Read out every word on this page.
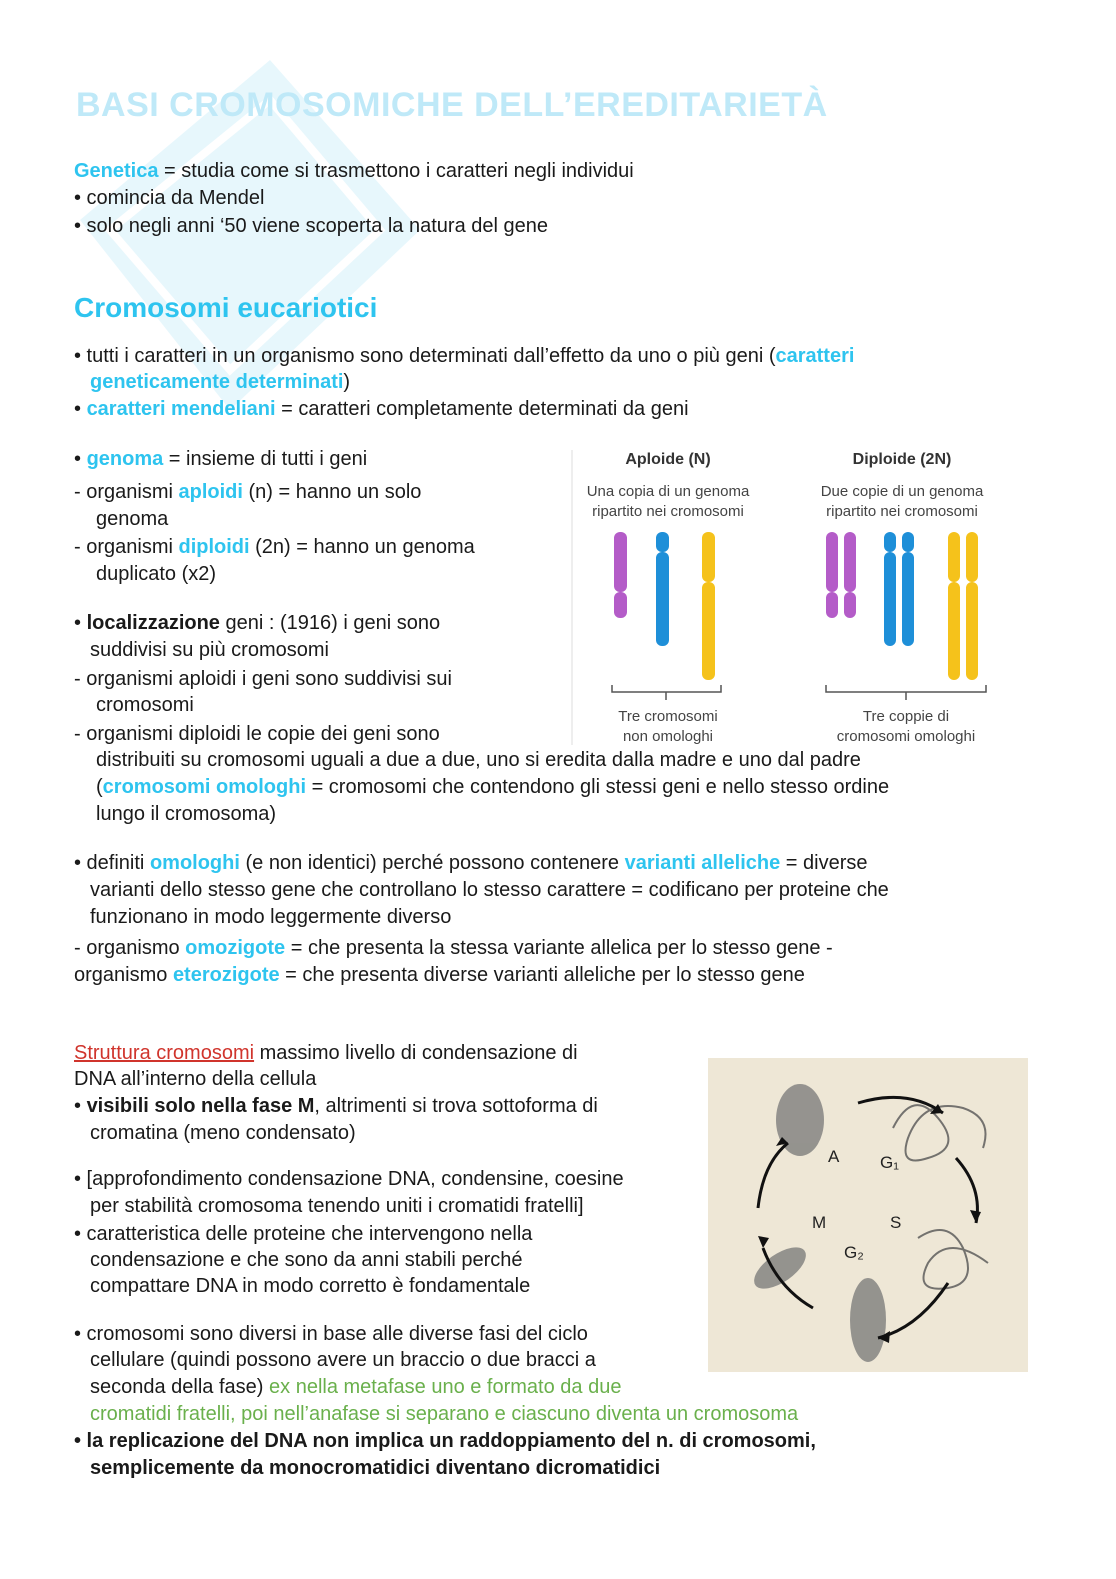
BASI CROMOSOMICHE DELL’EREDITARIETÀ
Genetica = studia come si trasmettono i caratteri negli individui
• comincia da Mendel
• solo negli anni ‘50 viene scoperta la natura del gene
Cromosomi eucariotici
• tutti i caratteri in un organismo sono determinati dall’effetto da uno o più geni (caratteri
geneticamente determinati)
• caratteri mendeliani = caratteri completamente determinati da geni
• genoma = insieme di tutti i geni
- organismi aploidi (n) = hanno un solo
genoma
- organismi diploidi (2n) = hanno un genoma
duplicato (x2)
• localizzazione geni : (1916) i geni sono
suddivisi su più cromosomi
- organismi aploidi i geni sono suddivisi sui
cromosomi
- organismi diploidi le copie dei geni sono
distribuiti su cromosomi uguali a due a due, uno si eredita dalla madre e uno dal padre
(cromosomi omologhi = cromosomi che contendono gli stessi geni e nello stesso ordine
lungo il cromosoma)
• definiti omologhi (e non identici) perché possono contenere varianti alleliche = diverse
varianti dello stesso gene che controllano lo stesso carattere = codificano per proteine che
funzionano in modo leggermente diverso
- organismo omozigote = che presenta la stessa variante allelica per lo stesso gene -
organismo eterozigote = che presenta diverse varianti alleliche per lo stesso gene
Aploide (N)
Una copia di un genoma
ripartito nei cromosomi
Diploide (2N)
Due copie di un genoma
ripartito nei cromosomi
Tre cromosomi
non omologhi
Tre coppie di
cromosomi omologhi
Struttura cromosomi massimo livello di condensazione di
DNA all’interno della cellula
• visibili solo nella fase M, altrimenti si trova sottoforma di
cromatina (meno condensato)
• [approfondimento condensazione DNA, condensine, coesine
per stabilità cromosoma tenendo uniti i cromatidi fratelli]
• caratteristica delle proteine che intervengono nella
condensazione e che sono da anni stabili perché
compattare DNA in modo corretto è fondamentale
• cromosomi sono diversi in base alle diverse fasi del ciclo
cellulare (quindi possono avere un braccio o due bracci a
seconda della fase) ex nella metafase uno e formato da due
cromatidi fratelli, poi nell’anafase si separano e ciascuno diventa un cromosoma
• la replicazione del DNA non implica un raddoppiamento del n. di cromosomi,
semplicemente da monocromatidici diventano dicromatidici
A G₁
S
M
G₂
